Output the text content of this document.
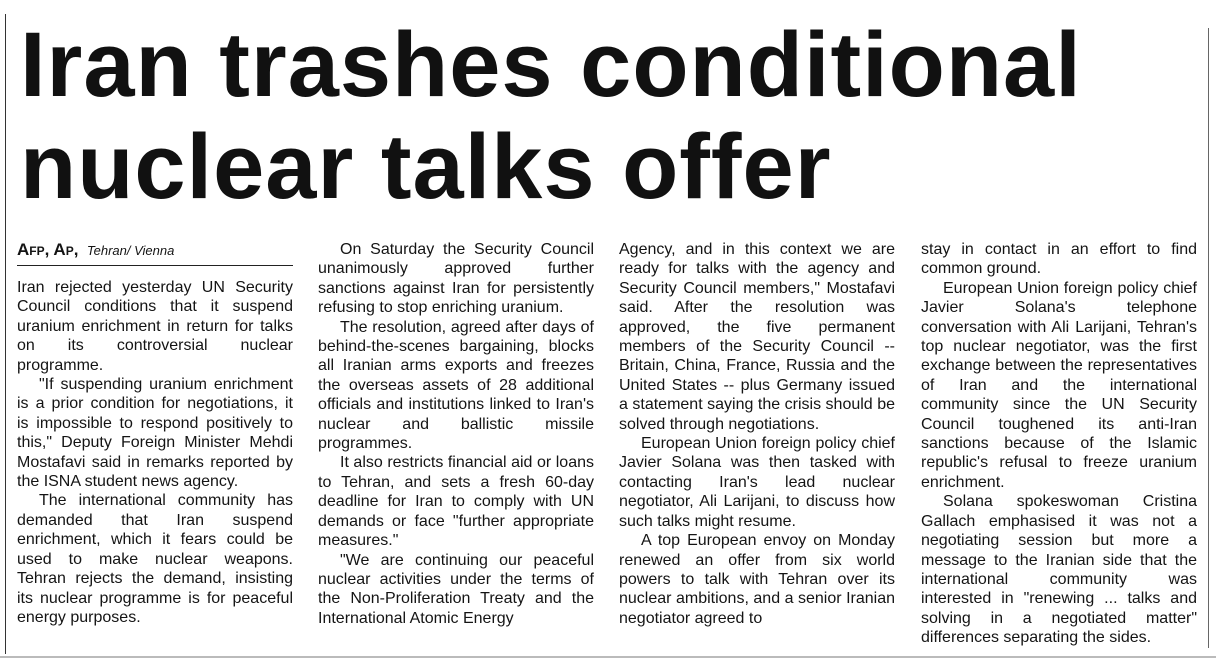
Iran trashes conditional nuclear talks offer
Afp, Ap, Tehran/ Vienna

Iran rejected yesterday UN Security Council conditions that it suspend uranium enrichment in return for talks on its controversial nuclear programme.

"If suspending uranium enrichment is a prior condition for negotiations, it is impossible to respond positively to this," Deputy Foreign Minister Mehdi Mostafavi said in remarks reported by the ISNA student news agency.

The international community has demanded that Iran suspend enrichment, which it fears could be used to make nuclear weapons. Tehran rejects the demand, insisting its nuclear programme is for peaceful energy purposes.

On Saturday the Security Council unanimously approved further sanctions against Iran for persistently refusing to stop enriching uranium.

The resolution, agreed after days of behind-the-scenes bargaining, blocks all Iranian arms exports and freezes the overseas assets of 28 additional officials and institutions linked to Iran's nuclear and ballistic missile programmes.

It also restricts financial aid or loans to Tehran, and sets a fresh 60-day deadline for Iran to comply with UN demands or face "further appropriate measures."

"We are continuing our peaceful nuclear activities under the terms of the Non-Proliferation Treaty and the International Atomic Energy

Agency, and in this context we are ready for talks with the agency and Security Council members," Mostafavi said. After the resolution was approved, the five permanent members of the Security Council -- Britain, China, France, Russia and the United States -- plus Germany issued a statement saying the crisis should be solved through negotiations.

European Union foreign policy chief Javier Solana was then tasked with contacting Iran's lead nuclear negotiator, Ali Larijani, to discuss how such talks might resume.

A top European envoy on Monday renewed an offer from six world powers to talk with Tehran over its nuclear ambitions, and a senior Iranian negotiator agreed to

stay in contact in an effort to find common ground.

European Union foreign policy chief Javier Solana's telephone conversation with Ali Larijani, Tehran's top nuclear negotiator, was the first exchange between the representatives of Iran and the international community since the UN Security Council toughened its anti-Iran sanctions because of the Islamic republic's refusal to freeze uranium enrichment.

Solana spokeswoman Cristina Gallach emphasised it was not a negotiating session but more a message to the Iranian side that the international community was interested in "renewing ... talks and solving in a negotiated matter" differences separating the sides.
